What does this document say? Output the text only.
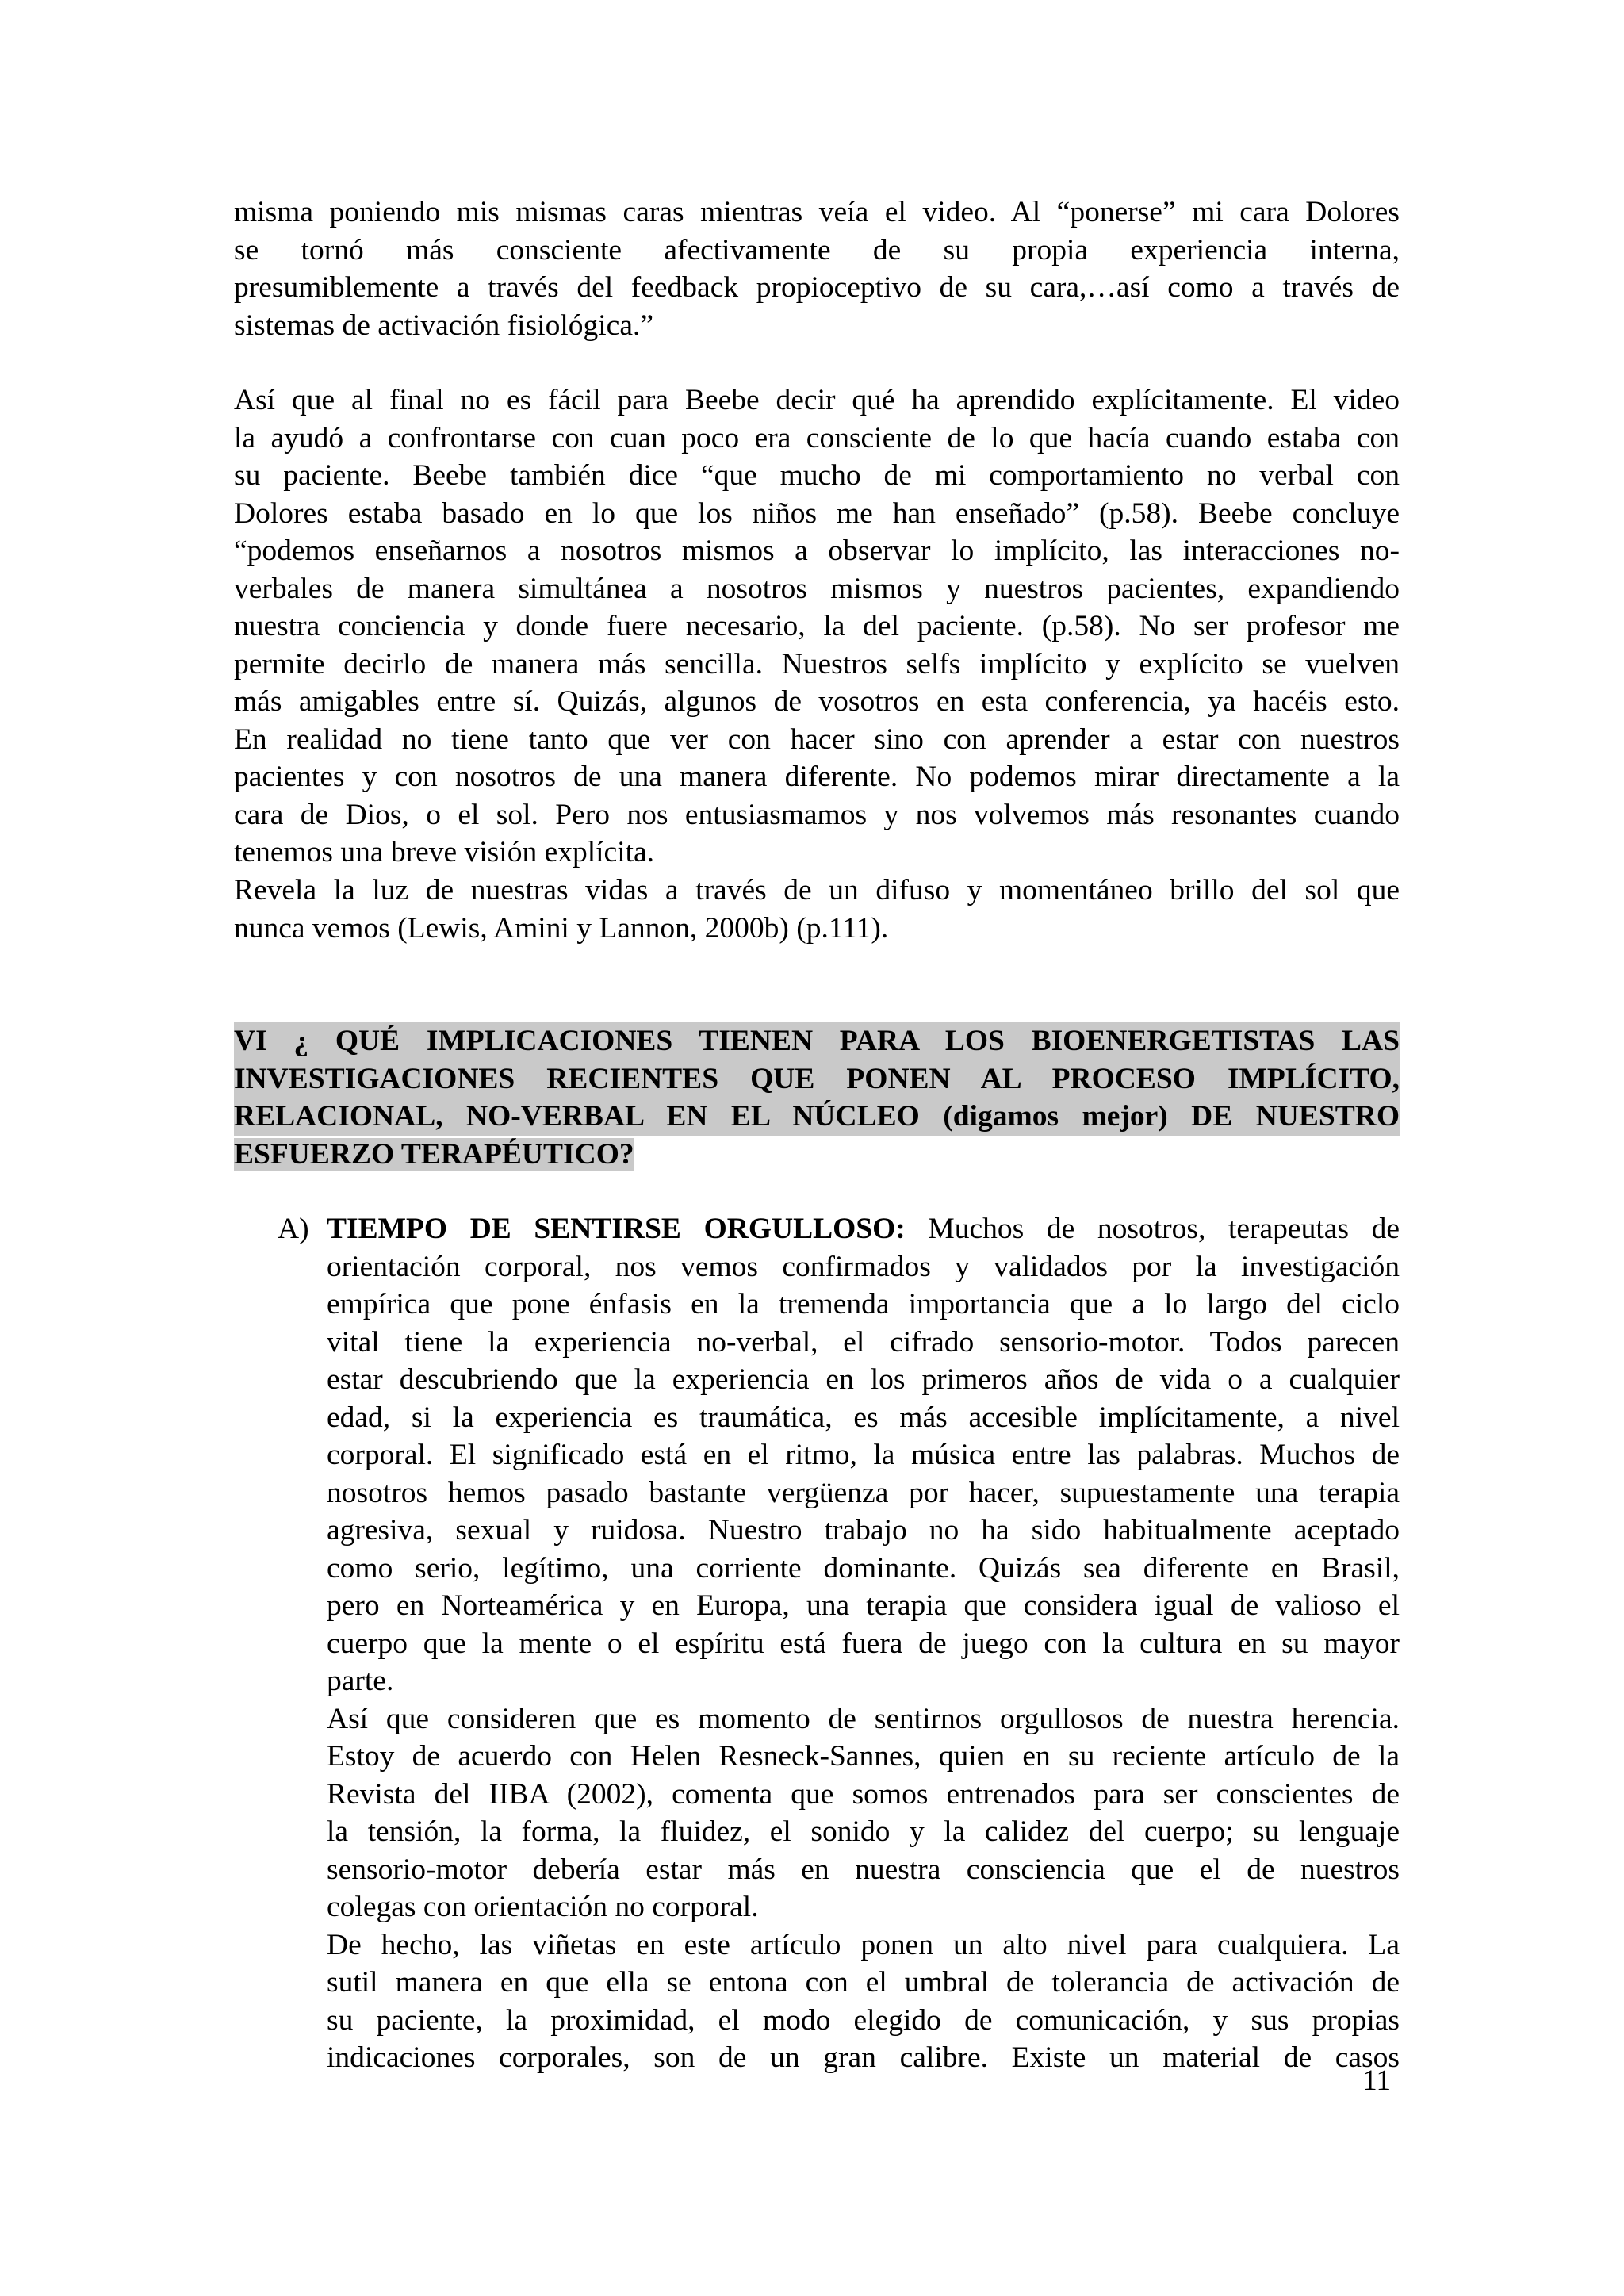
misma poniendo mis mismas caras mientras veía el video. Al “ponerse” mi cara Dolores
se tornó más consciente afectivamente de su propia experiencia interna,
presumiblemente a través del feedback propioceptivo de su cara,…así como a través de
sistemas de activación fisiológica.”
Así que al final no es fácil para Beebe decir qué ha aprendido explícitamente. El video
la ayudó a confrontarse con cuan poco era consciente de lo que hacía cuando estaba con
su paciente. Beebe también dice “que mucho de mi comportamiento no verbal con
Dolores estaba basado en lo que los niños me han enseñado” (p.58). Beebe concluye
“podemos enseñarnos a nosotros mismos a observar lo implícito, las interacciones no-
verbales de manera simultánea a nosotros mismos y nuestros pacientes, expandiendo
nuestra conciencia y donde fuere necesario, la del paciente. (p.58). No ser profesor me
permite decirlo de manera más sencilla. Nuestros selfs implícito y explícito se vuelven
más amigables entre sí. Quizás, algunos de vosotros en esta conferencia, ya hacéis esto.
En realidad no tiene tanto que ver con hacer sino con aprender a estar con nuestros
pacientes y con nosotros de una manera diferente. No podemos mirar directamente a la
cara de Dios, o el sol. Pero nos entusiasmamos y nos volvemos más resonantes cuando
tenemos una breve visión explícita.
Revela la luz de nuestras vidas a través de un difuso y momentáneo brillo del sol que
nunca vemos (Lewis, Amini y Lannon, 2000b) (p.111).
VI ¿ QUÉ IMPLICACIONES TIENEN PARA LOS BIOENERGETISTAS LAS
INVESTIGACIONES RECIENTES QUE PONEN AL PROCESO IMPLÍCITO,
RELACIONAL, NO-VERBAL EN EL NÚCLEO (digamos mejor) DE NUESTRO
ESFUERZO TERAPÉUTICO?
A) TIEMPO DE SENTIRSE ORGULLOSO: Muchos de nosotros, terapeutas de
orientación corporal, nos vemos confirmados y validados por la investigación
empírica que pone énfasis en la tremenda importancia que a lo largo del ciclo
vital tiene la experiencia no-verbal, el cifrado sensorio-motor. Todos parecen
estar descubriendo que la experiencia en los primeros años de vida o a cualquier
edad, si la experiencia es traumática, es más accesible implícitamente, a nivel
corporal. El significado está en el ritmo, la música entre las palabras. Muchos de
nosotros hemos pasado bastante vergüenza por hacer, supuestamente una terapia
agresiva, sexual y ruidosa. Nuestro trabajo no ha sido habitualmente aceptado
como serio, legítimo, una corriente dominante. Quizás sea diferente en Brasil,
pero en Norteamérica y en Europa, una terapia que considera igual de valioso el
cuerpo que la mente o el espíritu está fuera de juego con la cultura en su mayor
parte.
Así que consideren que es momento de sentirnos orgullosos de nuestra herencia.
Estoy de acuerdo con Helen Resneck-Sannes, quien en su reciente artículo de la
Revista del IIBA (2002), comenta que somos entrenados para ser conscientes de
la tensión, la forma, la fluidez, el sonido y la calidez del cuerpo; su lenguaje
sensorio-motor debería estar más en nuestra consciencia que el de nuestros
colegas con orientación no corporal.
De hecho, las viñetas en este artículo ponen un alto nivel para cualquiera. La
sutil manera en que ella se entona con el umbral de tolerancia de activación de
su paciente, la proximidad, el modo elegido de comunicación, y sus propias
indicaciones corporales, son de un gran calibre. Existe un material de casos
11
